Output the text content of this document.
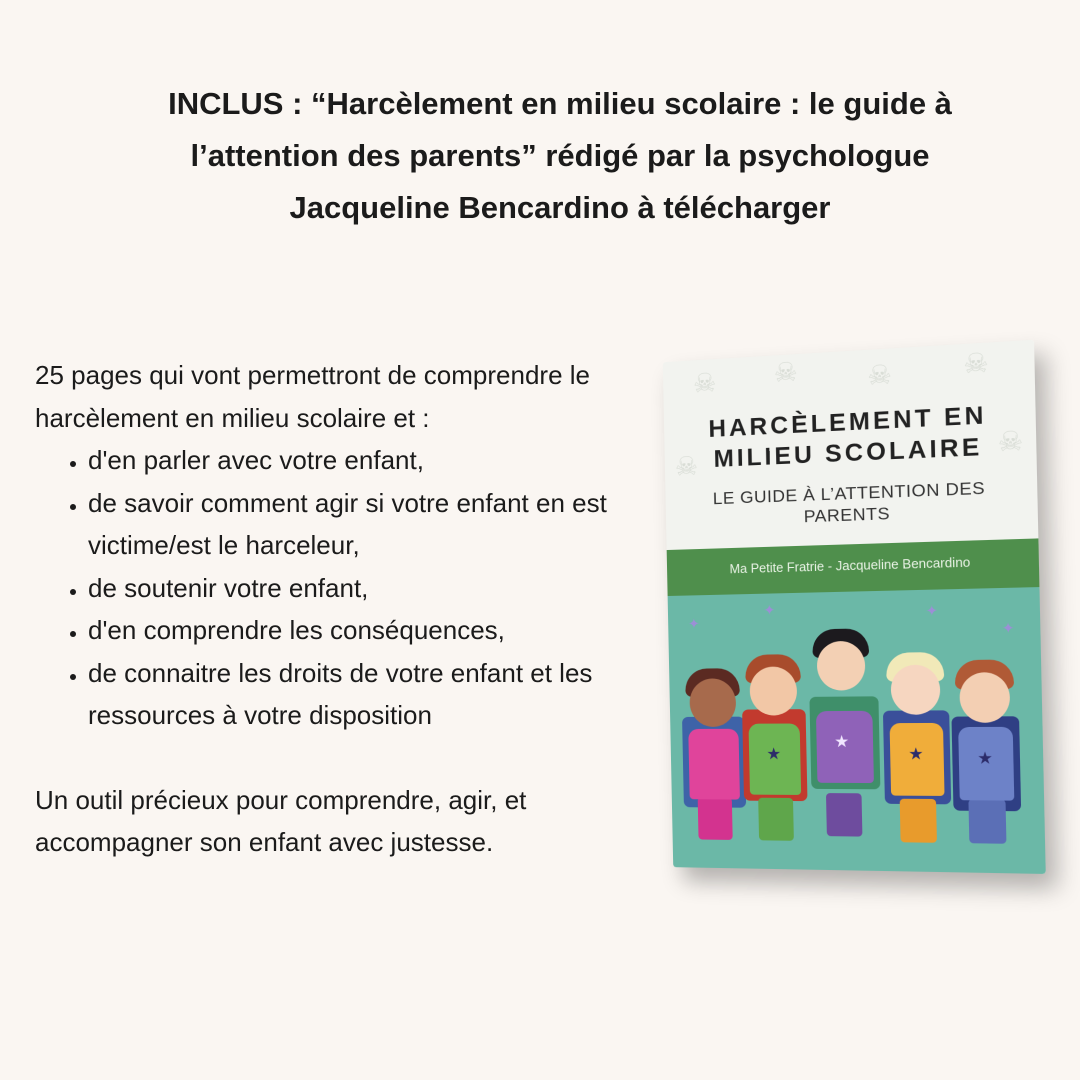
INCLUS : “Harcèlement en milieu scolaire : le guide à
l’attention des parents” rédigé par la psychologue
Jacqueline Bencardino à télécharger

25 pages qui vont permettront de comprendre le harcèlement en milieu scolaire et :

• d'en parler avec votre enfant,
• de savoir comment agir si votre enfant en est victime/est le harceleur,
• de soutenir votre enfant,
• d'en comprendre les conséquences,
• de connaitre les droits de votre enfant et les ressources à votre disposition

Un outil précieux pour comprendre, agir, et accompagner son enfant avec justesse.

☠ ☠	☠	☠
☠
☠
HARCÈLEMENT EN
MILIEU SCOLAIRE
LE GUIDE À L’ATTENTION DES
PARENTS
Ma Petite Fratrie - Jacqueline Bencardino
✦
✦	✦
✦
★
★
★	★
